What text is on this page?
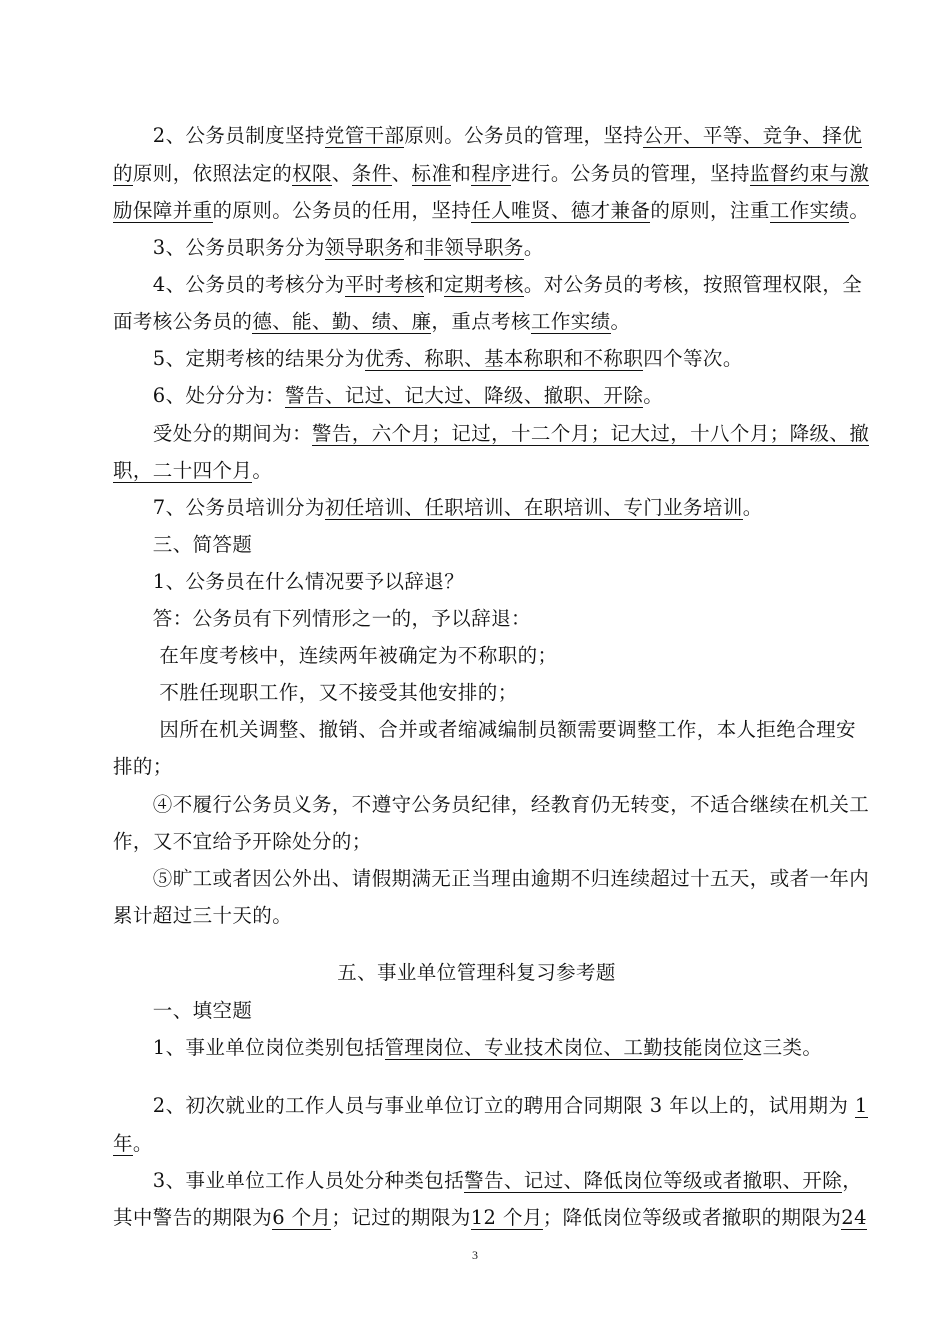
　　2、公务员制度坚持党管干部原则。公务员的管理，坚持公开、平等、竞争、择优
的原则，依照法定的权限、条件、标准和程序进行。公务员的管理，坚持监督约束与激
励保障并重的原则。公务员的任用，坚持任人唯贤、德才兼备的原则，注重工作实绩。
　　3、公务员职务分为领导职务和非领导职务。
　　4、公务员的考核分为平时考核和定期考核。对公务员的考核，按照管理权限，全
面考核公务员的德、能、勤、绩、廉，重点考核工作实绩。
　　5、定期考核的结果分为优秀、称职、基本称职和不称职四个等次。
　　6、处分分为：警告、记过、记大过、降级、撤职、开除。
　　受处分的期间为：警告，六个月；记过，十二个月；记大过，十八个月；降级、撤
职，二十四个月。
　　7、公务员培训分为初任培训、任职培训、在职培训、专门业务培训。
　　三、简答题
　　1、公务员在什么情况要予以辞退？
　　答：公务员有下列情形之一的，予以辞退：
　　 在年度考核中，连续两年被确定为不称职的；
　　 不胜任现职工作，又不接受其他安排的；
　　 因所在机关调整、撤销、合并或者缩减编制员额需要调整工作，本人拒绝合理安
排的；
　　④不履行公务员义务，不遵守公务员纪律，经教育仍无转变，不适合继续在机关工
作，又不宜给予开除处分的；
　　⑤旷工或者因公外出、请假期满无正当理由逾期不归连续超过十五天，或者一年内
累计超过三十天的。
五、事业单位管理科复习参考题
　　一、填空题
　　1、事业单位岗位类别包括管理岗位、专业技术岗位、工勤技能岗位这三类。
　　2、初次就业的工作人员与事业单位订立的聘用合同期限 3 年以上的，试用期为 1
年。
　　3、事业单位工作人员处分种类包括警告、记过、降低岗位等级或者撤职、开除，
其中警告的期限为6 个月；记过的期限为12 个月；降低岗位等级或者撤职的期限为24
3
